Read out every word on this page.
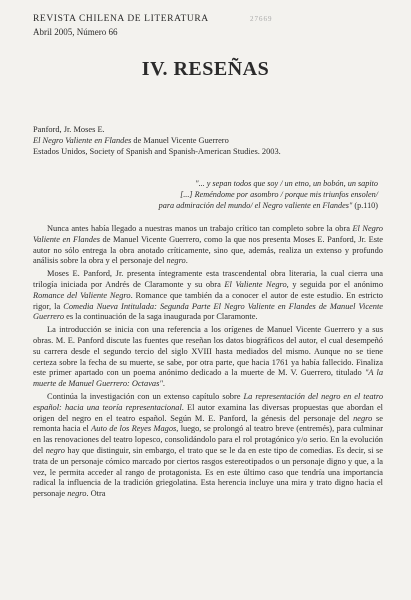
REVISTA CHILENA DE LITERATURA	27669
Abril 2005, Número 66
IV. RESEÑAS
Panford, Jr. Moses E.
El Negro Valiente en Flandes de Manuel Vicente Guerrero
Estados Unidos, Society of Spanish and Spanish-American Studies. 2003.
"... y sepan todos que soy / un etno, un bobón, un sapito
[...] Reméndome por asombro / porque mis triunfos ensolen/
para admiración del mundo/ el Negro valiente en Flandes" (p.110)

Nunca antes había llegado a nuestras manos un trabajo crítico tan completo sobre la obra El Negro Valiente en Flandes de Manuel Vicente Guerrero, como la que nos presenta Moses E. Panford, Jr. Este autor no sólo entrega la obra anotado críticamente, sino que, además, realiza un extenso y profundo análisis sobre la obra y el personaje del negro.

Moses E. Panford, Jr. presenta íntegramente esta trascendental obra literaria, la cual cierra una trilogía iniciada por Andrés de Claramonte y su obra El Valiente Negro, y seguida por el anónimo Romance del Valiente Negro. Romance que también da a conocer el autor de este estudio. En estricto rigor, la Comedia Nueva Intitulada: Segunda Parte El Negro Valiente en Flandes de Manuel Vicente Guerrero es la continuación de la saga inaugurada por Claramonte.

La introducción se inicia con una referencia a los orígenes de Manuel Vicente Guerrero y a sus obras. M. E. Panford discute las fuentes que reseñan los datos biográficos del autor, el cual desempeñó su carrera desde el segundo tercio del siglo XVIII hasta mediados del mismo. Aunque no se tiene certeza sobre la fecha de su muerte, se sabe, por otra parte, que hacia 1761 ya había fallecido. Finaliza este primer apartado con un poema anónimo dedicado a la muerte de M. V. Guerrero, titulado "A la muerte de Manuel Guerrero: Octavas".

Continúa la investigación con un extenso capítulo sobre La representación del negro en el teatro español: hacia una teoría representacional. El autor examina las diversas propuestas que abordan el origen del negro en el teatro español. Según M. E. Panford, la génesis del personaje del negro se remonta hacia el Auto de los Reyes Magos, luego, se prolongó al teatro breve (entremés), para culminar en las renovaciones del teatro lopesco, consolidándolo para el rol protagónico y/o serio. En la evolución del negro hay que distinguir, sin embargo, el trato que se le da en este tipo de comedias. Es decir, si se trata de un personaje cómico marcado por ciertos rasgos estereotipados o un personaje digno y que, a la vez, le permita acceder al rango de protagonista. Es en este último caso que tendría una importancia radical la influencia de la tradición griegolatina. Esta herencia incluye una mira y trato digno hacia el personaje negro. Otra
